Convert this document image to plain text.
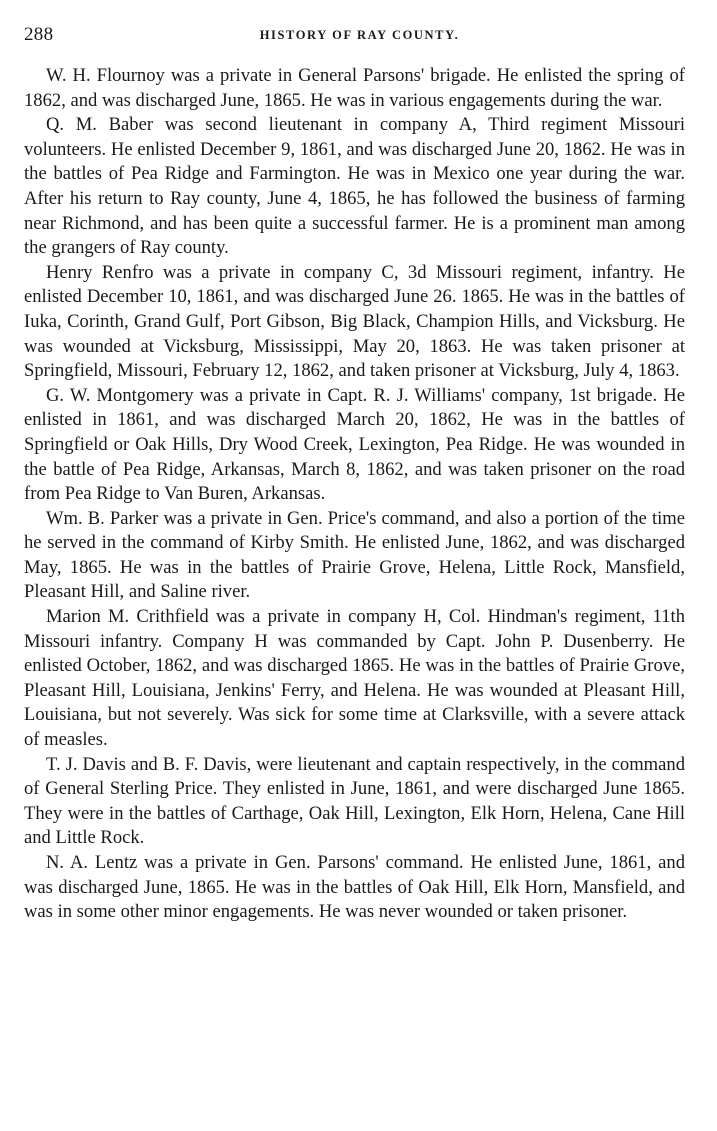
288	HISTORY OF RAY COUNTY.

W. H. Flournoy was a private in General Parsons' brigade. He enlisted the spring of 1862, and was discharged June, 1865. He was in various engagements during the war.

Q. M. Baber was second lieutenant in company A, Third regiment Missouri volunteers. He enlisted December 9, 1861, and was discharged June 20, 1862. He was in the battles of Pea Ridge and Farmington. He was in Mexico one year during the war. After his return to Ray county, June 4, 1865, he has followed the business of farming near Richmond, and has been quite a successful farmer. He is a prominent man among the grangers of Ray county.

Henry Renfro was a private in company C, 3d Missouri regiment, infantry. He enlisted December 10, 1861, and was discharged June 26. 1865. He was in the battles of Iuka, Corinth, Grand Gulf, Port Gibson, Big Black, Champion Hills, and Vicksburg. He was wounded at Vicksburg, Mississippi, May 20, 1863. He was taken prisoner at Springfield, Missouri, February 12, 1862, and taken prisoner at Vicksburg, July 4, 1863.

G. W. Montgomery was a private in Capt. R. J. Williams' company, 1st brigade. He enlisted in 1861, and was discharged March 20, 1862, He was in the battles of Springfield or Oak Hills, Dry Wood Creek, Lexington, Pea Ridge. He was wounded in the battle of Pea Ridge, Arkansas, March 8, 1862, and was taken prisoner on the road from Pea Ridge to Van Buren, Arkansas.

Wm. B. Parker was a private in Gen. Price's command, and also a portion of the time he served in the command of Kirby Smith. He enlisted June, 1862, and was discharged May, 1865. He was in the battles of Prairie Grove, Helena, Little Rock, Mansfield, Pleasant Hill, and Saline river.

Marion M. Crithfield was a private in company H, Col. Hindman's regiment, 11th Missouri infantry. Company H was commanded by Capt. John P. Dusenberry. He enlisted October, 1862, and was discharged 1865. He was in the battles of Prairie Grove, Pleasant Hill, Louisiana, Jenkins' Ferry, and Helena. He was wounded at Pleasant Hill, Louisiana, but not severely. Was sick for some time at Clarksville, with a severe attack of measles.

T. J. Davis and B. F. Davis, were lieutenant and captain respectively, in the command of General Sterling Price. They enlisted in June, 1861, and were discharged June 1865. They were in the battles of Carthage, Oak Hill, Lexington, Elk Horn, Helena, Cane Hill and Little Rock.

N. A. Lentz was a private in Gen. Parsons' command. He enlisted June, 1861, and was discharged June, 1865. He was in the battles of Oak Hill, Elk Horn, Mansfield, and was in some other minor engagements. He was never wounded or taken prisoner.
